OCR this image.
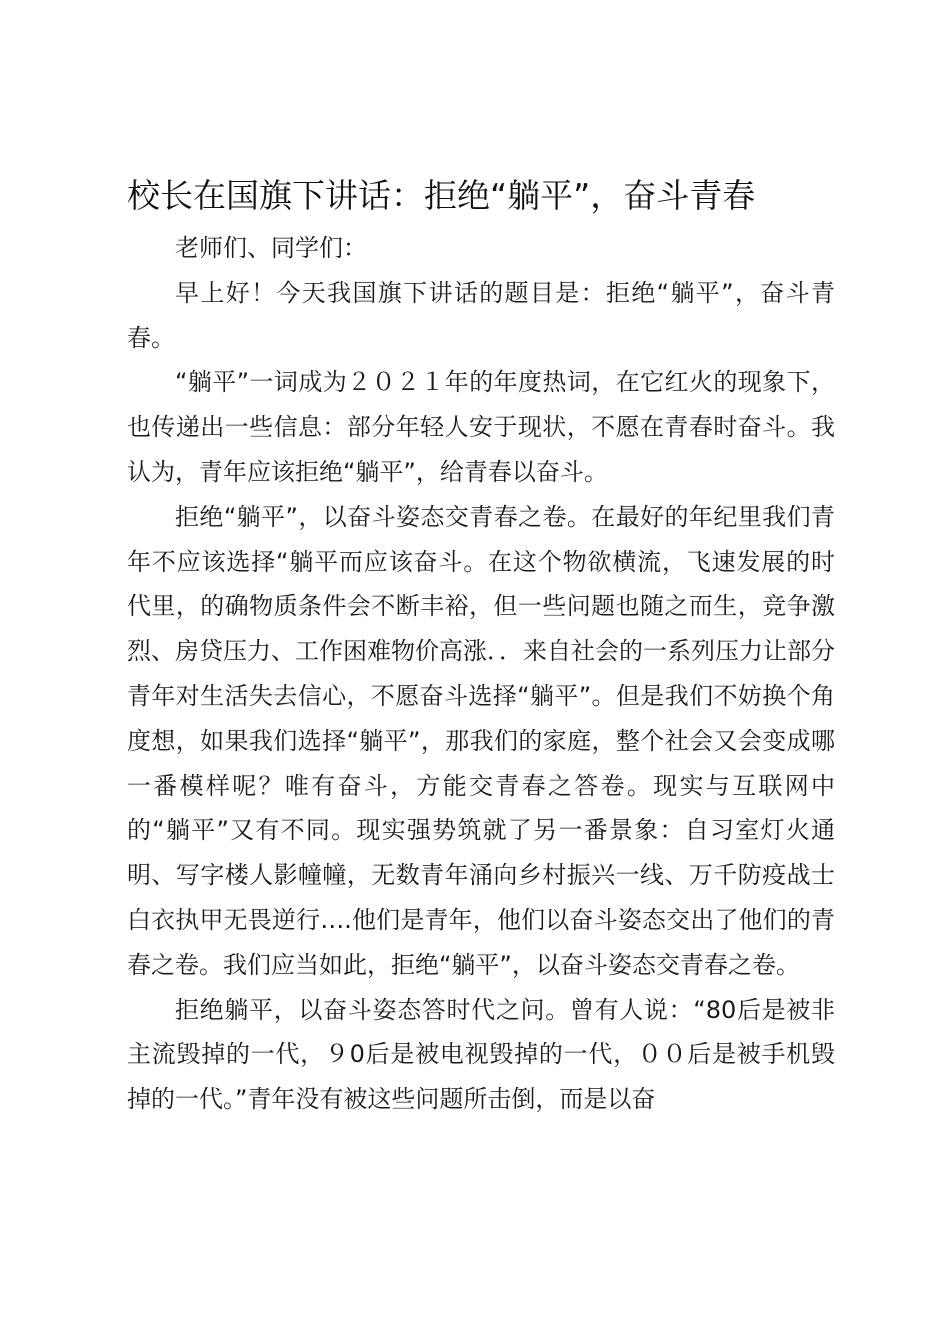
校长在国旗下讲话：拒绝“躺平”，奋斗青春

老师们、同学们：

早上好！今天我国旗下讲话的题目是：拒绝“躺平”，奋斗青春。

“躺平”一词成为２０２１年的年度热词，在它红火的现象下，也传递出一些信息：部分年轻人安于现状，不愿在青春时奋斗。我认为，青年应该拒绝“躺平”，给青春以奋斗。

拒绝“躺平”，以奋斗姿态交青春之卷。在最好的年纪里我们青年不应该选择“躺平而应该奋斗。在这个物欲横流，飞速发展的时代里，的确物质条件会不断丰裕，但一些问题也随之而生，竞争激烈、房贷压力、工作困难物价高涨．．来自社会的一系列压力让部分青年对生活失去信心，不愿奋斗选择“躺平”。但是我们不妨换个角度想，如果我们选择“躺平”，那我们的家庭，整个社会又会变成哪一番模样呢？唯有奋斗，方能交青春之答卷。现实与互联网中的“躺平”又有不同。现实强势筑就了另一番景象：自习室灯火通明、写字楼人影幢幢，无数青年涌向乡村振兴一线、万千防疫战士白衣执甲无畏逆行….他们是青年，他们以奋斗姿态交出了他们的青春之卷。我们应当如此，拒绝“躺平”，以奋斗姿态交青春之卷。

拒绝躺平，以奋斗姿态答时代之问。曾有人说：“80后是被非主流毁掉的一代，９0后是被电视毁掉的一代，００后是被手机毁掉的一代。”青年没有被这些问题所击倒，而是以奋
